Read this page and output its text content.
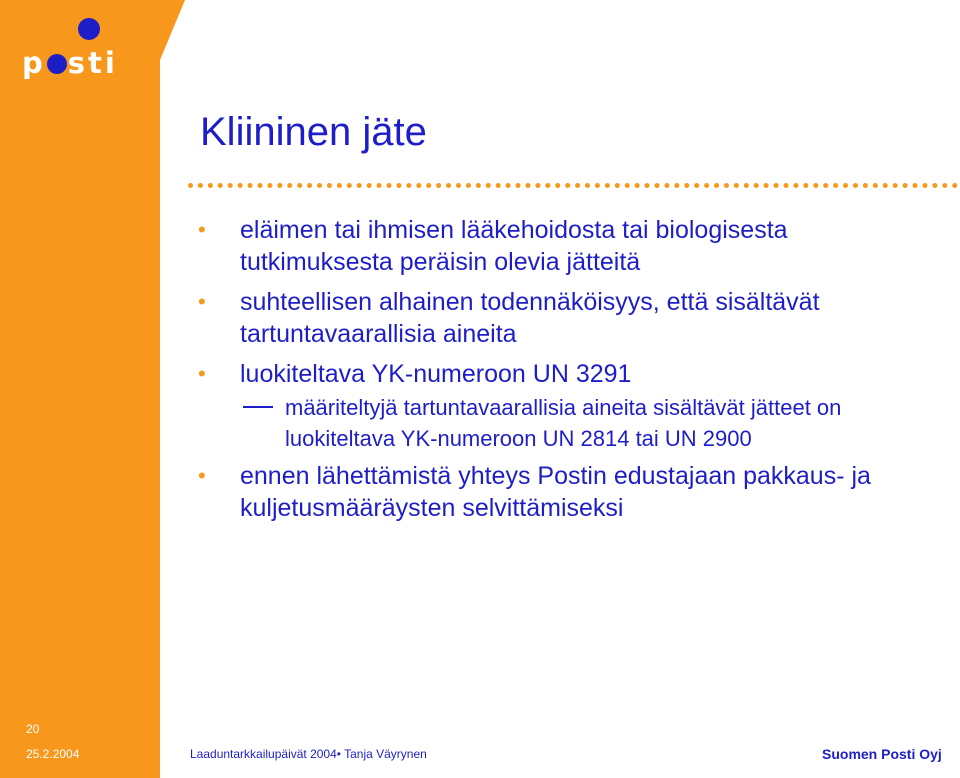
p sti
Kliininen jäte
• eläimen tai ihmisen lääkehoidosta tai biologisesta tutkimuksesta peräisin olevia jätteitä
• suhteellisen alhainen todennäköisyys, että sisältävät tartuntavaarallisia aineita
• luokiteltava YK-numeroon UN 3291
määriteltyjä tartuntavaarallisia aineita sisältävät jätteet on luokiteltava YK-numeroon UN 2814 tai UN 2900
• ennen lähettämistä yhteys Postin edustajaan pakkaus- ja kuljetusmääräysten selvittämiseksi
20
25.2.2004	Laaduntarkkailupäivät 2004• Tanja Väyrynen	Suomen Posti Oyj
